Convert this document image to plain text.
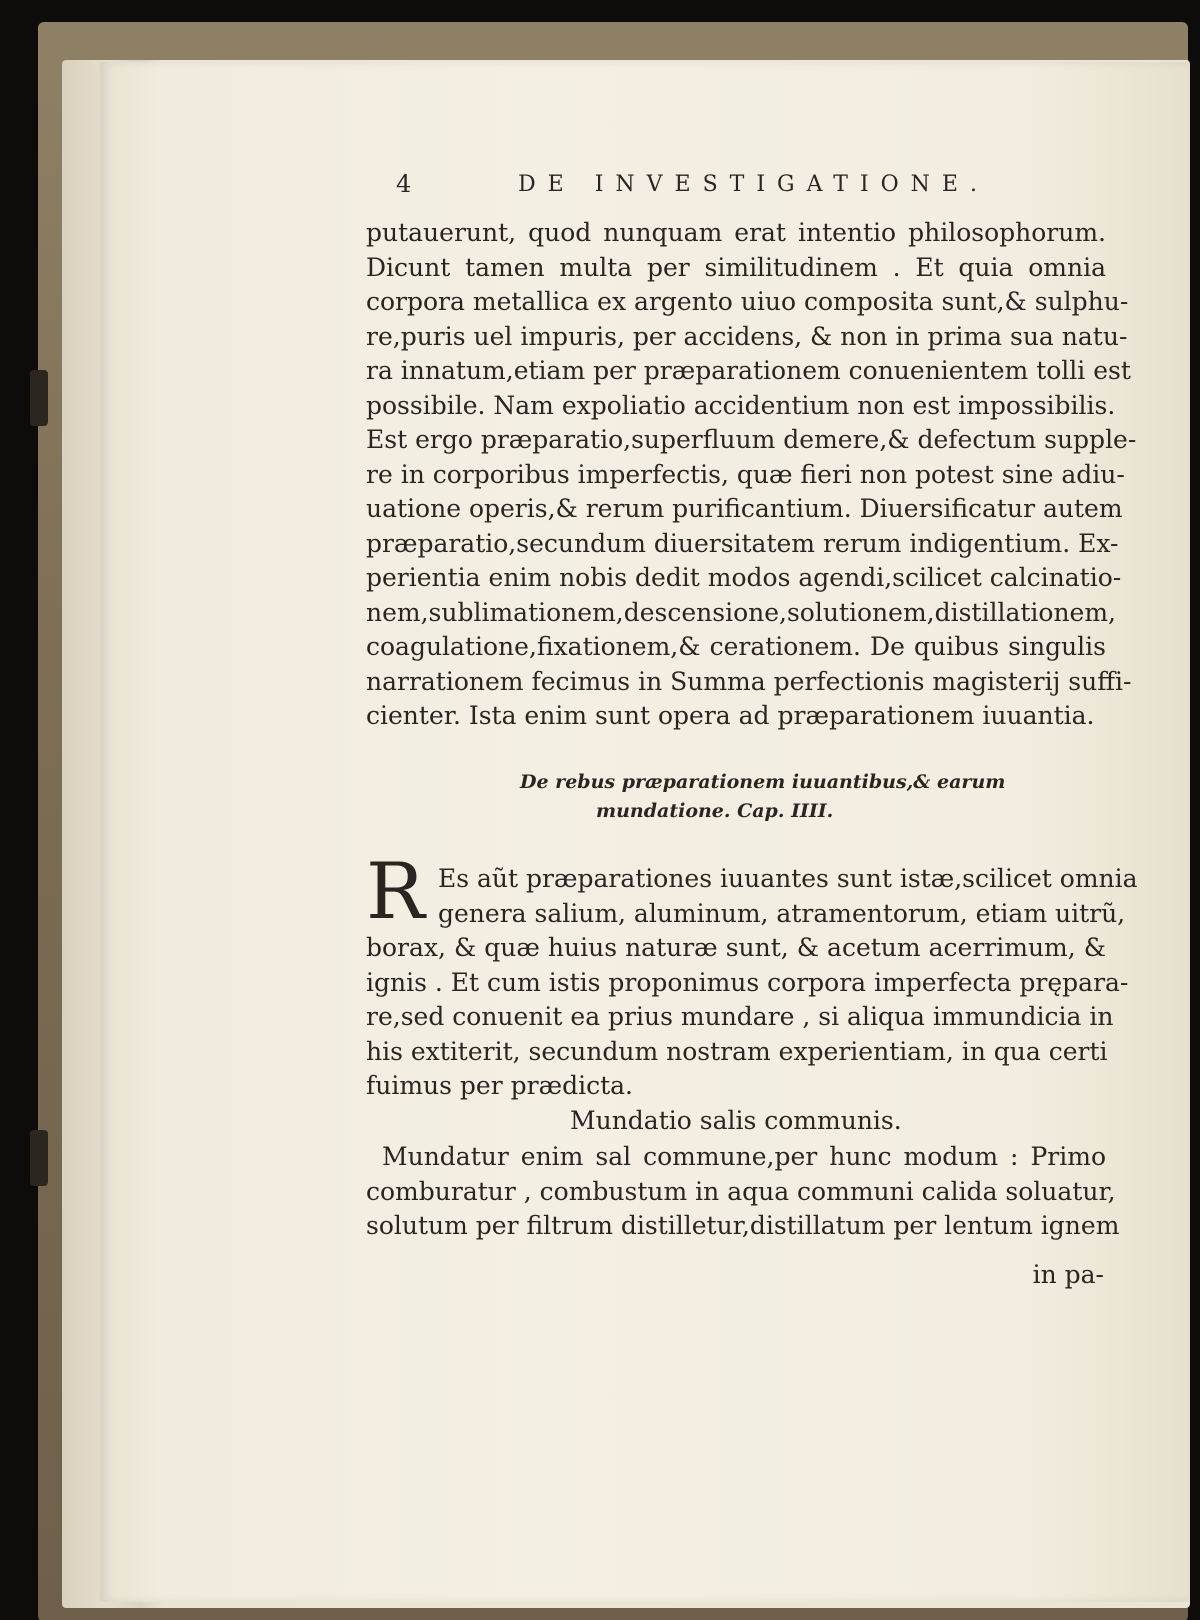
4	DE INVESTIGATIONE.
putauerunt, quod nunquam erat intentio philosophorum.
Dicunt tamen multa per similitudinem . Et quia omnia
corpora metallica ex argento uiuo composita sunt,& sulphu-
re,puris uel impuris, per accidens, & non in prima sua natu-
ra innatum,etiam per præparationem conuenientem tolli est
possibile. Nam expoliatio accidentium non est impossibilis.
Est ergo præparatio,superfluum demere,& defectum supple-
re in corporibus imperfectis, quæ fieri non potest sine adiu-
uatione operis,& rerum purificantium. Diuersificatur autem
præparatio,secundum diuersitatem rerum indigentium. Ex-
perientia enim nobis dedit modos agendi,scilicet calcinatio-
nem,sublimationem,descensione,solutionem,distillationem,
coagulatione,fixationem,& cerationem. De quibus singulis
narrationem fecimus in Summa perfectionis magisterij suffi-
cienter. Ista enim sunt opera ad præparationem iuuantia.
De rebus præparationem iuuantibus,& earum
mundatione. Cap. IIII.
R Es aũt præparationes iuuantes sunt istæ,scilicet omnia
genera salium, aluminum, atramentorum, etiam uitrũ,
borax, & quæ huius naturæ sunt, & acetum acerrimum, &
ignis . Et cum istis proponimus corpora imperfecta prępara-
re,sed conuenit ea prius mundare , si aliqua immundicia in
his extiterit, secundum nostram experientiam, in qua certi
fuimus per prædicta.
Mundatio salis communis.
Mundatur enim sal commune,per hunc modum : Primo
comburatur , combustum in aqua communi calida soluatur,
solutum per filtrum distilletur,distillatum per lentum ignem
in pa-
